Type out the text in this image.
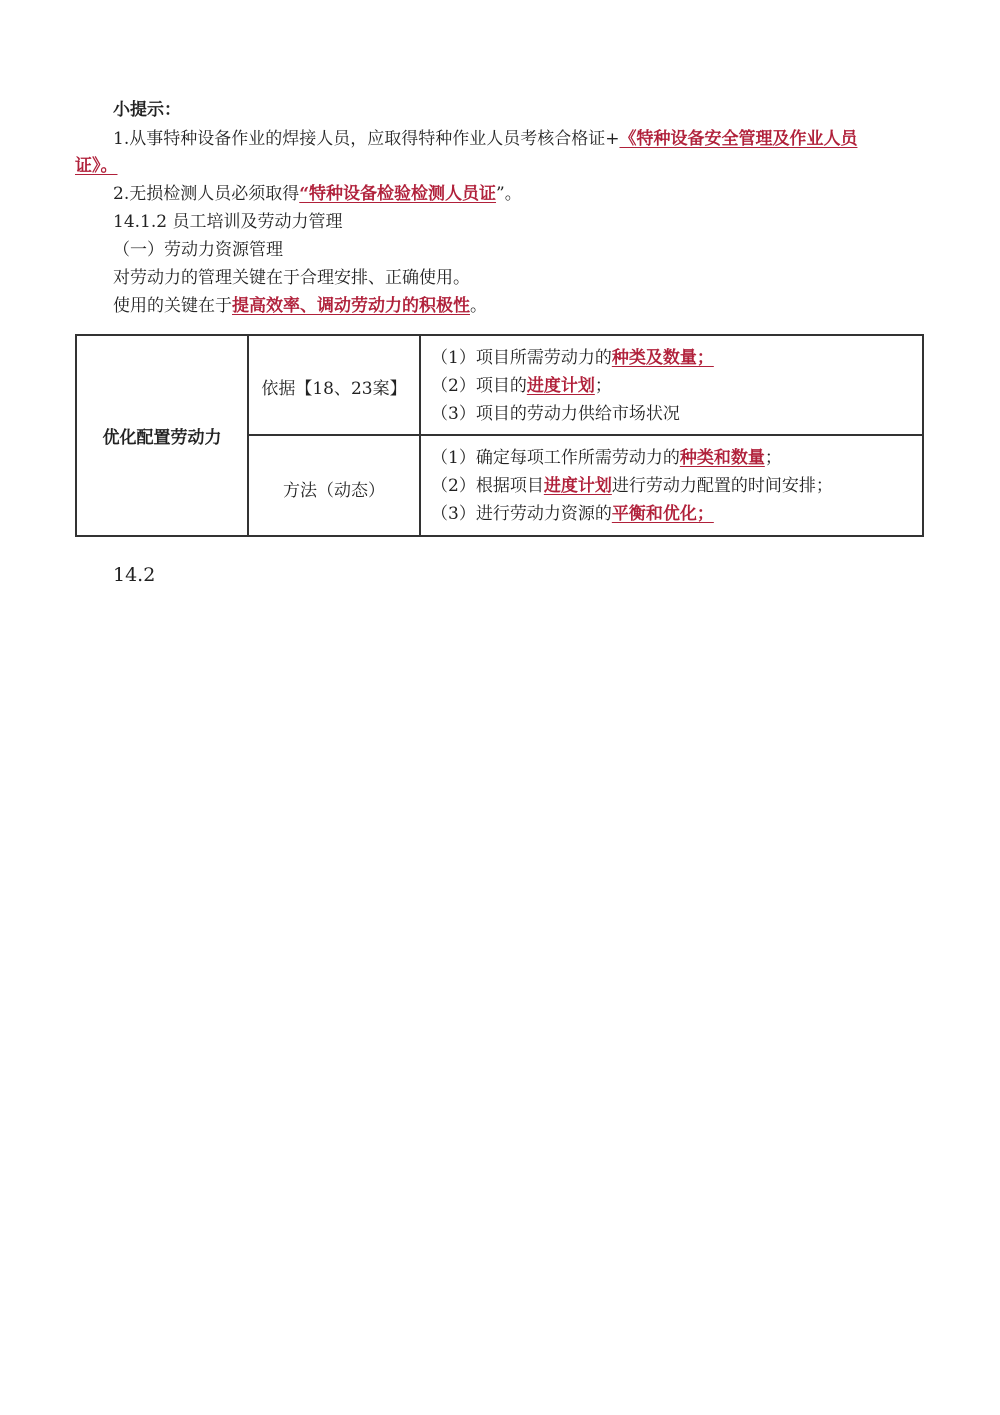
小提示：
1.从事特种设备作业的焊接人员，应取得特种作业人员考核合格证+《特种设备安全管理及作业人员
证》。
2.无损检测人员必须取得“特种设备检验检测人员证”。
14.1.2 员工培训及劳动力管理
（一）劳动力资源管理
对劳动力的管理关键在于合理安排、正确使用。
使用的关键在于提高效率、调动劳动力的积极性。
优化配置劳动力	依据【18、23案】	（1）项目所需劳动力的种类及数量；
（2）项目的进度计划；
（3）项目的劳动力供给市场状况

	方法（动态）	（1）确定每项工作所需劳动力的种类和数量；
（2）根据项目进度计划进行劳动力配置的时间安排；
（3）进行劳动力资源的平衡和优化；
14.2
